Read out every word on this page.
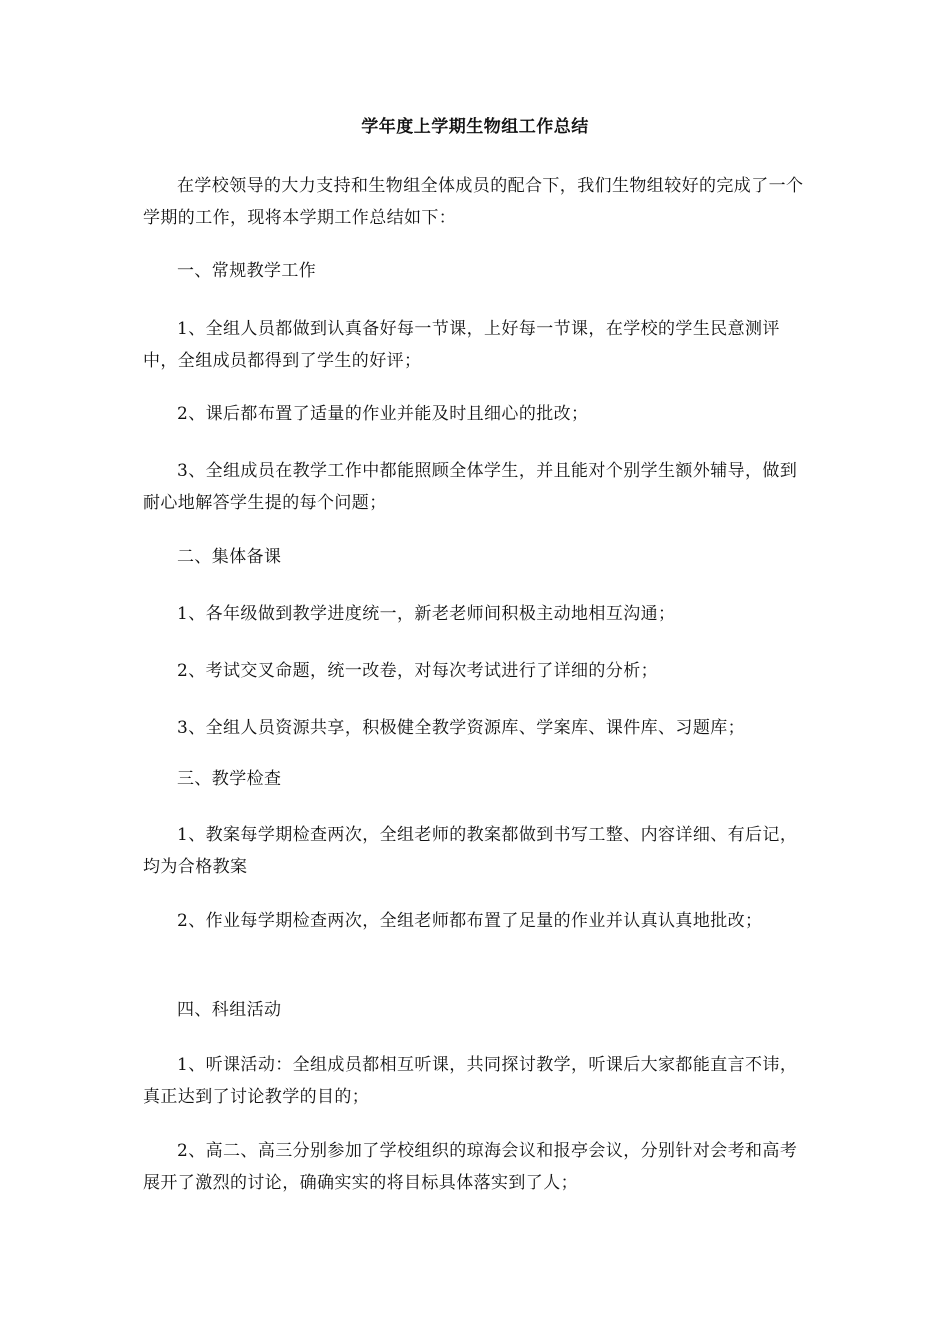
学年度上学期生物组工作总结

在学校领导的大力支持和生物组全体成员的配合下，我们生物组较好的完成了一个学期的工作，现将本学期工作总结如下：

一、常规教学工作

1、全组人员都做到认真备好每一节课，上好每一节课，在学校的学生民意测评中，全组成员都得到了学生的好评；

2、课后都布置了适量的作业并能及时且细心的批改；

3、全组成员在教学工作中都能照顾全体学生，并且能对个别学生额外辅导，做到耐心地解答学生提的每个问题；

二、集体备课

1、各年级做到教学进度统一，新老老师间积极主动地相互沟通；

2、考试交叉命题，统一改卷，对每次考试进行了详细的分析；

3、全组人员资源共享，积极健全教学资源库、学案库、课件库、习题库；

三、教学检查

1、教案每学期检查两次，全组老师的教案都做到书写工整、内容详细、有后记，均为合格教案

2、作业每学期检查两次，全组老师都布置了足量的作业并认真认真地批改；

四、科组活动

1、听课活动：全组成员都相互听课，共同探讨教学，听课后大家都能直言不讳，真正达到了讨论教学的目的；

2、高二、高三分别参加了学校组织的琼海会议和报亭会议，分别针对会考和高考展开了激烈的讨论，确确实实的将目标具体落实到了人；
